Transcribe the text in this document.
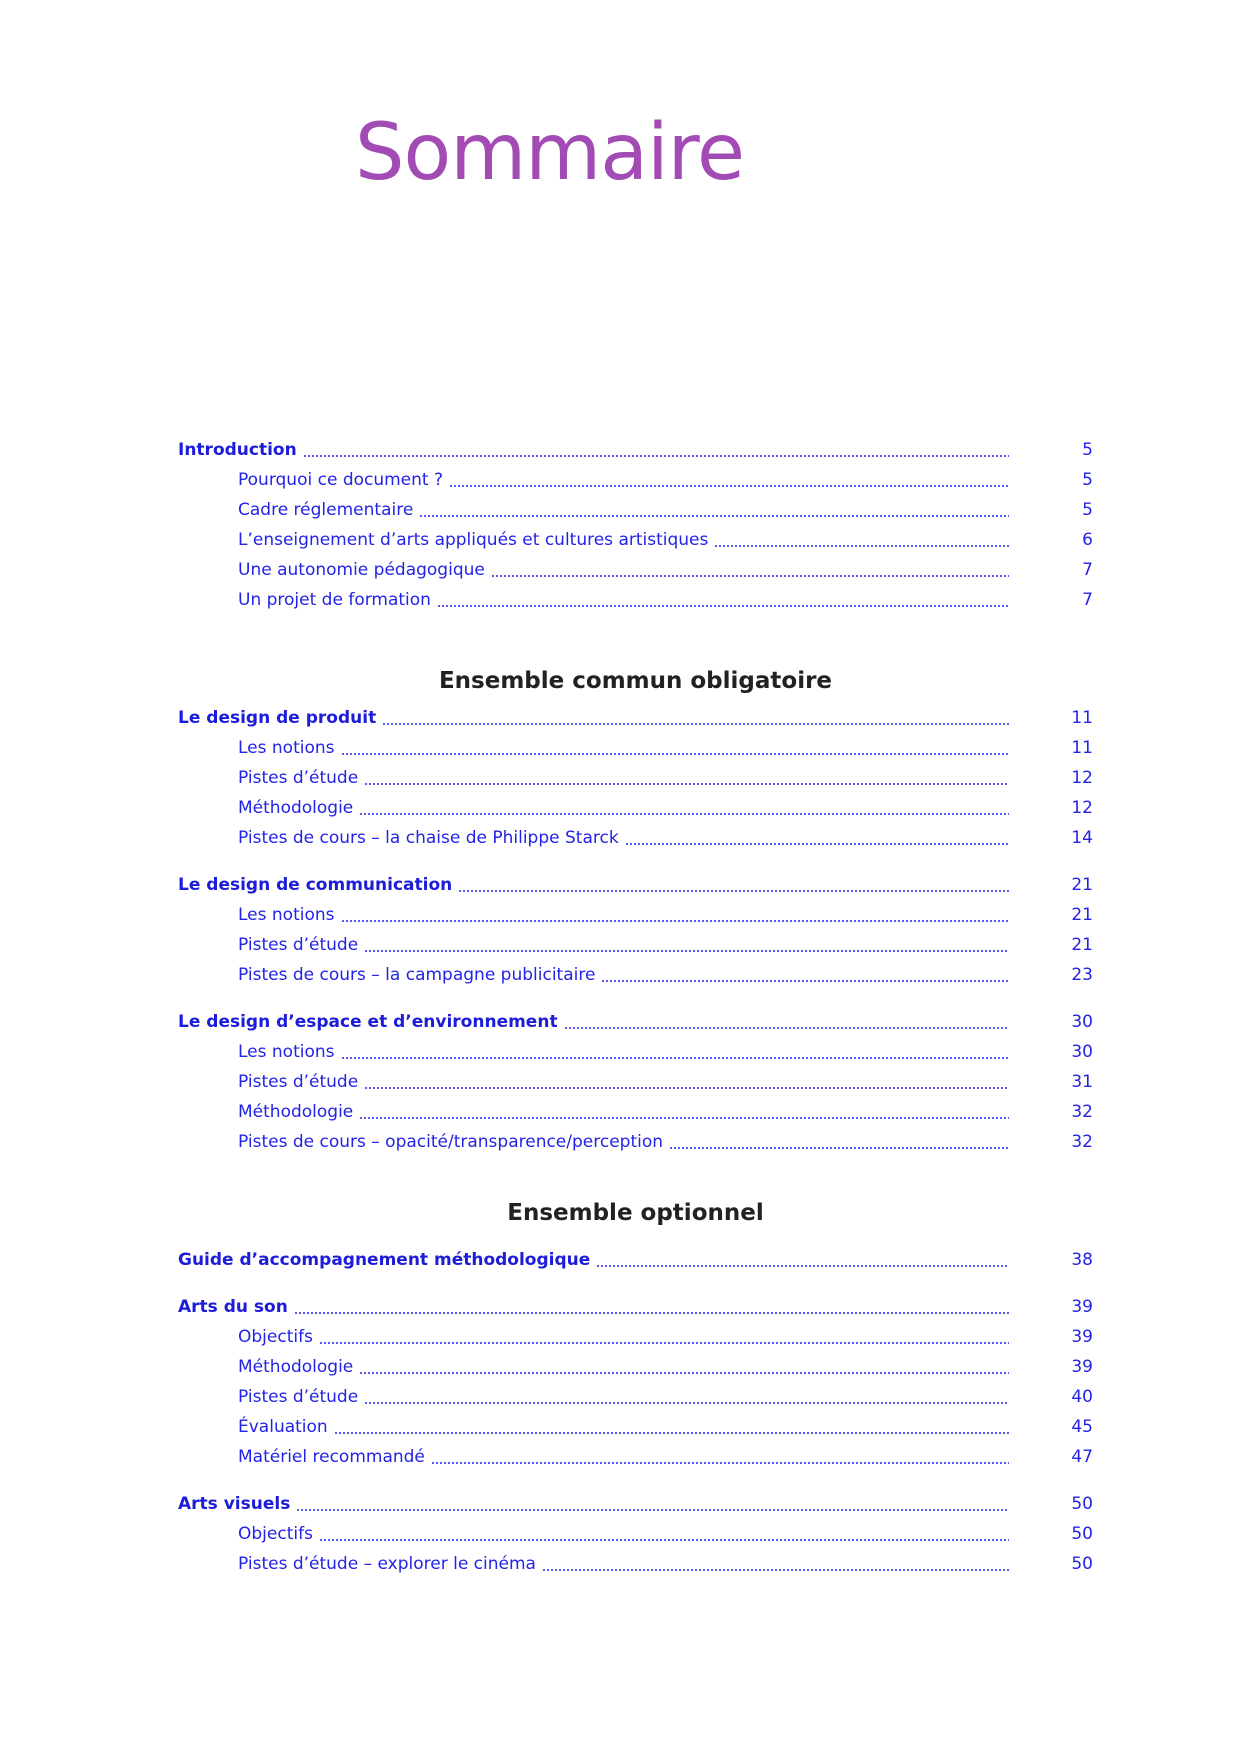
Sommaire
Ensemble commun obligatoire
Ensemble optionnel
Introduction	5
Pourquoi ce document ?	5
Cadre réglementaire	5
L’enseignement d’arts appliqués et cultures artistiques	6
Une autonomie pédagogique	7
Un projet de formation	7
Le design de produit	11
Les notions	11
Pistes d’étude	12
Méthodologie	12
Pistes de cours – la chaise de Philippe Starck	14
Le design de communication	21
Les notions	21
Pistes d’étude	21
Pistes de cours – la campagne publicitaire	23
Le design d’espace et d’environnement	30
Les notions	30
Pistes d’étude	31
Méthodologie	32
Pistes de cours – opacité/transparence/perception	32
Guide d’accompagnement méthodologique	38
Arts du son	39
Objectifs	39
Méthodologie	39
Pistes d’étude	40
Évaluation	45
Matériel recommandé	47
Arts visuels	50
Objectifs	50
Pistes d’étude – explorer le cinéma	50
